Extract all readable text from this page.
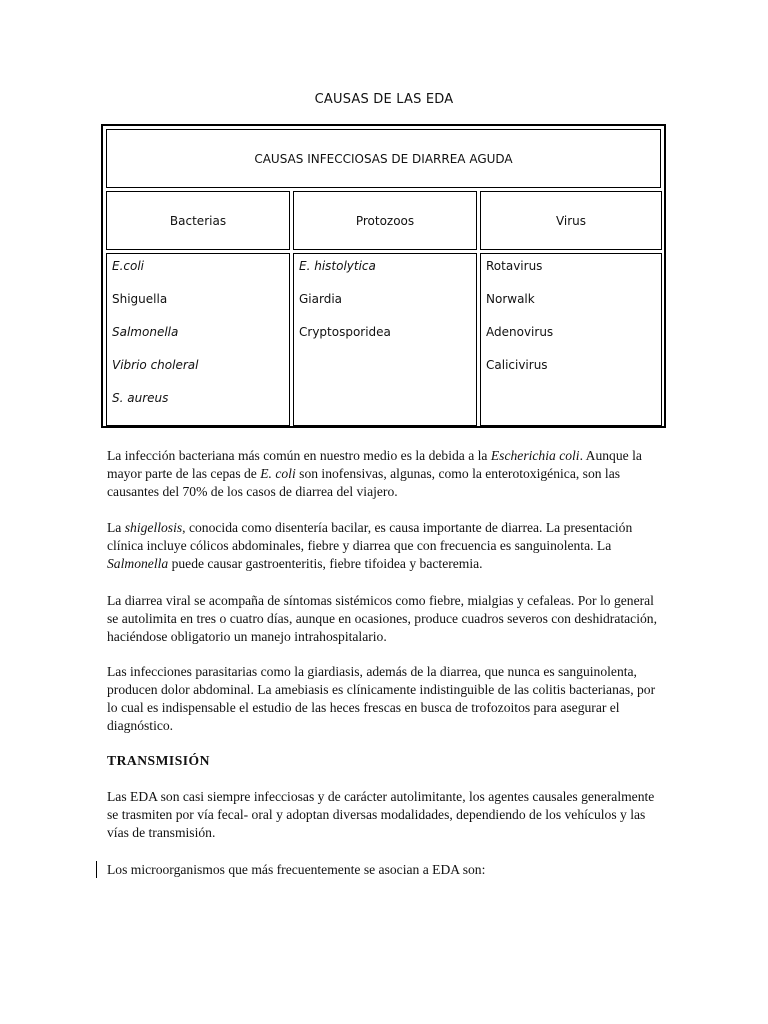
CAUSAS DE LAS EDA
CAUSAS INFECCIOSAS DE DIARREA AGUDA
Bacterias	Protozoos	Virus
E.coli
Shiguella
Salmonella
Vibrio choleral
S. aureus
E. histolytica
Giardia
Cryptosporidea
Rotavirus
Norwalk
Adenovirus
Calicivirus

La infección bacteriana más común en nuestro medio es la debida a la Escherichia coli. Aunque la mayor parte de las cepas de E. coli son inofensivas, algunas, como la enterotoxigénica, son las causantes del 70% de los casos de diarrea del viajero.

La shigellosis, conocida como disentería bacilar, es causa importante de diarrea. La presentación clínica incluye cólicos abdominales, fiebre y diarrea que con frecuencia es sanguinolenta. La Salmonella puede causar gastroenteritis, fiebre tifoidea y bacteremia.

La diarrea viral se acompaña de síntomas sistémicos como fiebre, mialgias y cefaleas. Por lo general se autolimita en tres o cuatro días, aunque en ocasiones, produce cuadros severos con deshidratación, haciéndose obligatorio un manejo intrahospitalario.

Las infecciones parasitarias como la giardiasis, además de la diarrea, que nunca es sanguinolenta, producen dolor abdominal. La amebiasis es clínicamente indistinguible de las colitis bacterianas, por lo cual es indispensable el estudio de las heces frescas en busca de trofozoitos para asegurar el diagnóstico.

TRANSMISIÓN

Las EDA son casi siempre infecciosas y de carácter autolimitante, los agentes causales generalmente se trasmiten por vía fecal- oral y adoptan diversas modalidades, dependiendo de los vehículos y las vías de transmisión.

Los microorganismos que más frecuentemente se asocian a EDA son:
